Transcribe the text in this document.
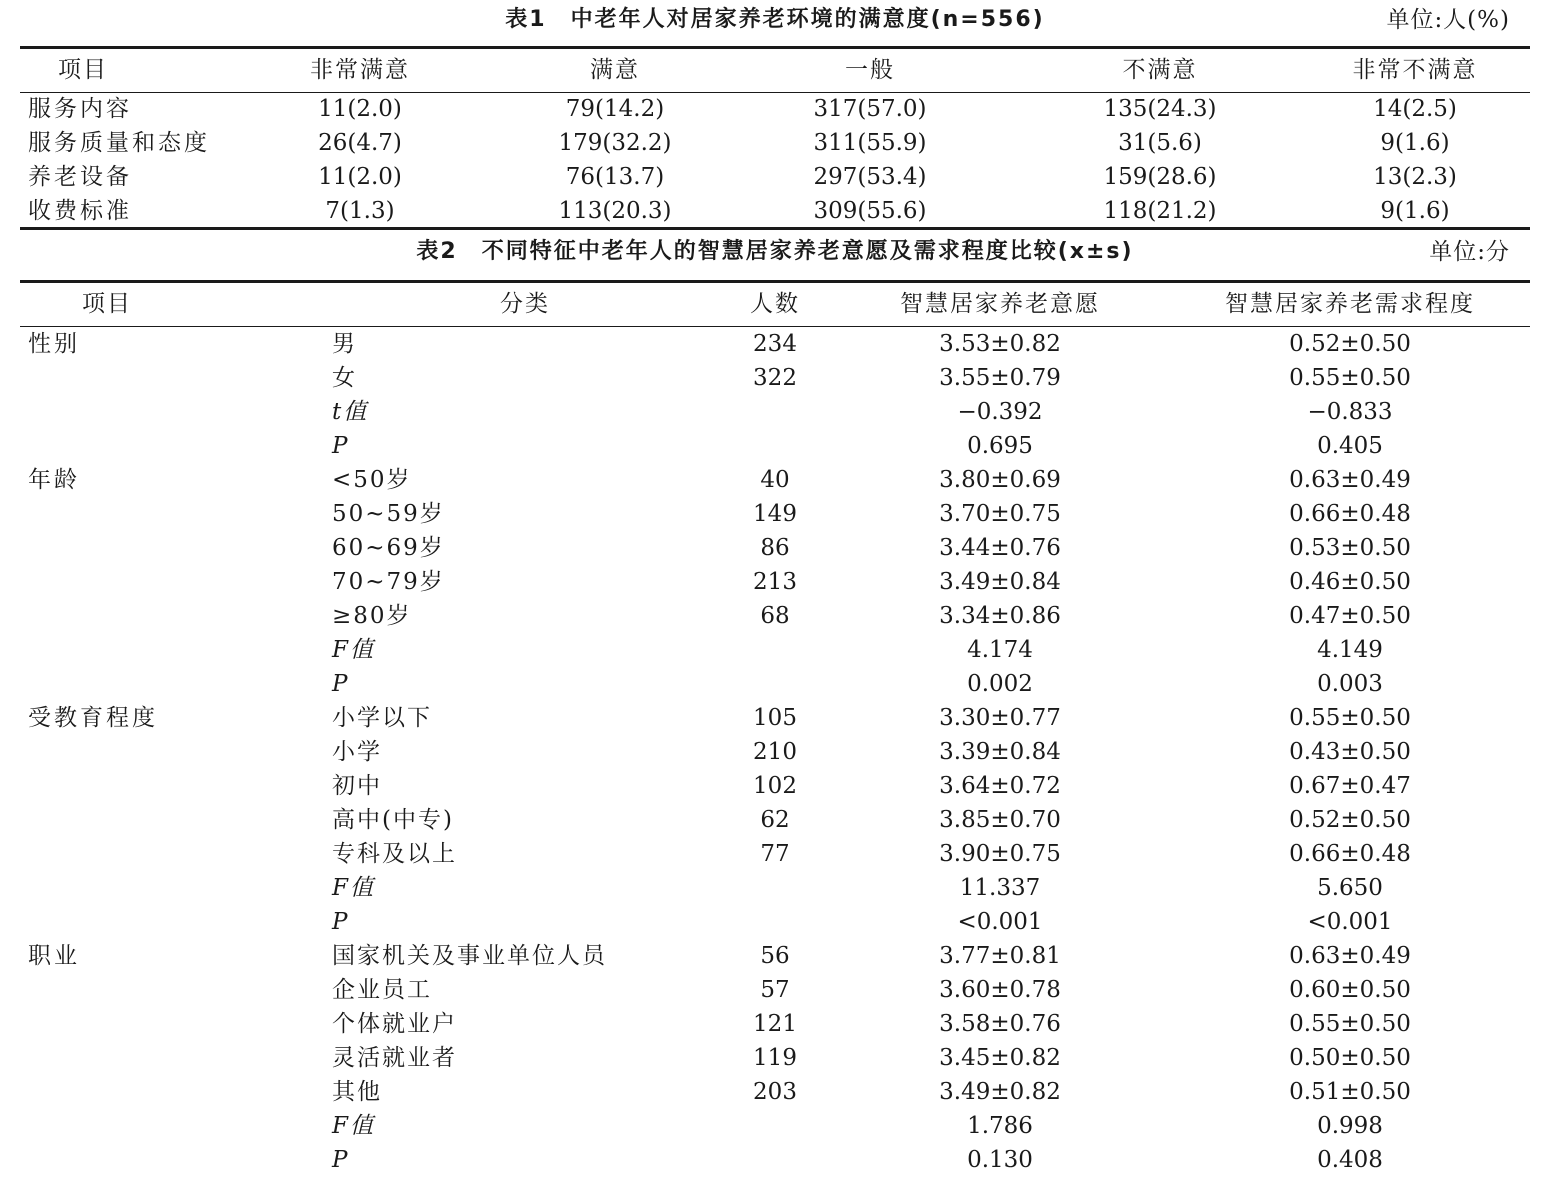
表1　中老年人对居家养老环境的满意度(n=556)	单位:人(%)
项目	非常满意	满意	一般	不满意	非常不满意
服务内容	11(2.0)	79(14.2)	317(57.0)	135(24.3)	14(2.5)
服务质量和态度	26(4.7)	179(32.2)	311(55.9)	31(5.6)	9(1.6)
养老设备	11(2.0)	76(13.7)	297(53.4)	159(28.6)	13(2.3)
收费标准	7(1.3)	113(20.3)	309(55.6)	118(21.2)	9(1.6)
表2　不同特征中老年人的智慧居家养老意愿及需求程度比较(x±s)	单位:分
项目	分类	人数	智慧居家养老意愿	智慧居家养老需求程度
性别	男	234	3.53±0.82	0.52±0.50
	女	322	3.55±0.79	0.55±0.50
	t值		−0.392	−0.833
	P		0.695	0.405
年龄	<50岁	40	3.80±0.69	0.63±0.49
	50~59岁	149	3.70±0.75	0.66±0.48
	60~69岁	86	3.44±0.76	0.53±0.50
	70~79岁	213	3.49±0.84	0.46±0.50
	≥80岁	68	3.34±0.86	0.47±0.50
	F值		4.174	4.149
	P		0.002	0.003
受教育程度	小学以下	105	3.30±0.77	0.55±0.50
	小学	210	3.39±0.84	0.43±0.50
	初中	102	3.64±0.72	0.67±0.47
	高中(中专)	62	3.85±0.70	0.52±0.50
	专科及以上	77	3.90±0.75	0.66±0.48
	F值		11.337	5.650
	P		<0.001	<0.001
职业	国家机关及事业单位人员	56	3.77±0.81	0.63±0.49
	企业员工	57	3.60±0.78	0.60±0.50
	个体就业户	121	3.58±0.76	0.55±0.50
	灵活就业者	119	3.45±0.82	0.50±0.50
	其他	203	3.49±0.82	0.51±0.50
	F值		1.786	0.998
	P		0.130	0.408
